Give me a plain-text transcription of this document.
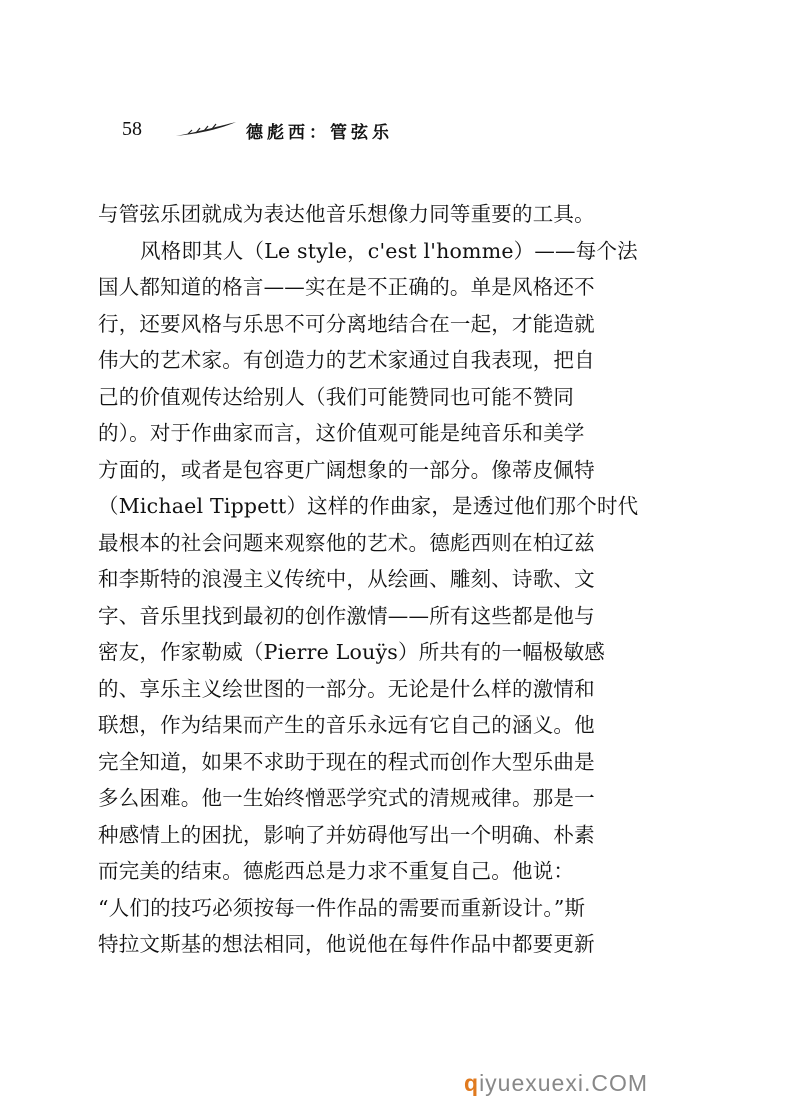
58	德彪西：管弦乐
与管弦乐团就成为表达他音乐想像力同等重要的工具。
风格即其人（Le style，c'est l'homme）——每个法
国人都知道的格言——实在是不正确的。单是风格还不
行，还要风格与乐思不可分离地结合在一起，才能造就
伟大的艺术家。有创造力的艺术家通过自我表现，把自
己的价值观传达给别人（我们可能赞同也可能不赞同
的）。对于作曲家而言，这价值观可能是纯音乐和美学
方面的，或者是包容更广阔想象的一部分。像蒂皮佩特
（Michael Tippett）这样的作曲家，是透过他们那个时代
最根本的社会问题来观察他的艺术。德彪西则在柏辽兹
和李斯特的浪漫主义传统中，从绘画、雕刻、诗歌、文
字、音乐里找到最初的创作激情——所有这些都是他与
密友，作家勒威（Pierre Louÿs）所共有的一幅极敏感
的、享乐主义绘世图的一部分。无论是什么样的激情和
联想，作为结果而产生的音乐永远有它自己的涵义。他
完全知道，如果不求助于现在的程式而创作大型乐曲是
多么困难。他一生始终憎恶学究式的清规戒律。那是一
种感情上的困扰，影响了并妨碍他写出一个明确、朴素
而完美的结束。德彪西总是力求不重复自己。他说：
“人们的技巧必须按每一件作品的需要而重新设计。”斯
特拉文斯基的想法相同，他说他在每件作品中都要更新
qiyuexuexi.COM
